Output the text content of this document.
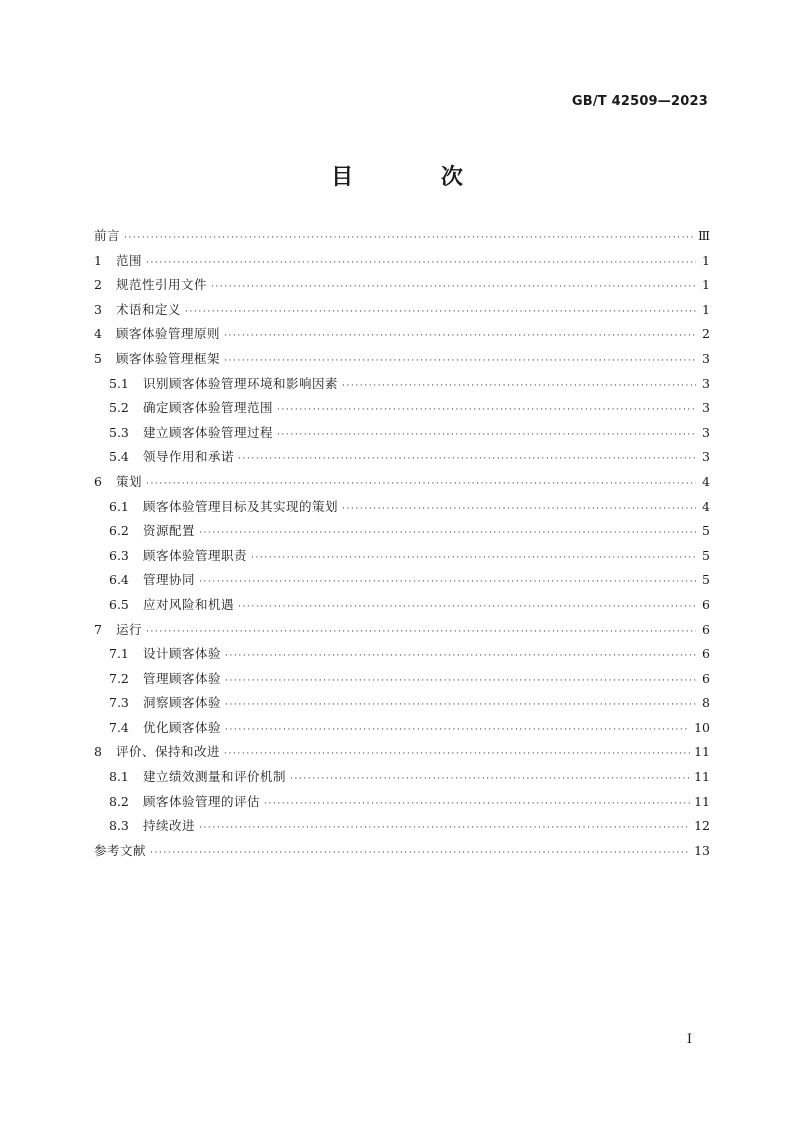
GB/T 42509—2023
目 次
前言 ·····	Ⅲ
1	范围 ·····	1
2	规范性引用文件 ·····	1
3	术语和定义 ·····	1
4	顾客体验管理原则 ·····	2
5	顾客体验管理框架 ·····	3
5.1	识别顾客体验管理环境和影响因素 ·····	3
5.2	确定顾客体验管理范围 ·····	3
5.3	建立顾客体验管理过程 ·····	3
5.4	领导作用和承诺 ·····	3
6	策划 ·····	4
6.1	顾客体验管理目标及其实现的策划 ·····	4
6.2	资源配置 ·····	5
6.3	顾客体验管理职责 ·····	5
6.4	管理协同 ·····	5
6.5	应对风险和机遇 ·····	6
7	运行 ·····	6
7.1	设计顾客体验 ·····	6
7.2	管理顾客体验 ·····	6
7.3	洞察顾客体验 ·····	8
7.4	优化顾客体验 ·····	10
8	评价、保持和改进 ·····	11
8.1	建立绩效测量和评价机制 ·····	11
8.2	顾客体验管理的评估 ·····	11
8.3	持续改进 ·····	12
参考文献 ·····	13
I
